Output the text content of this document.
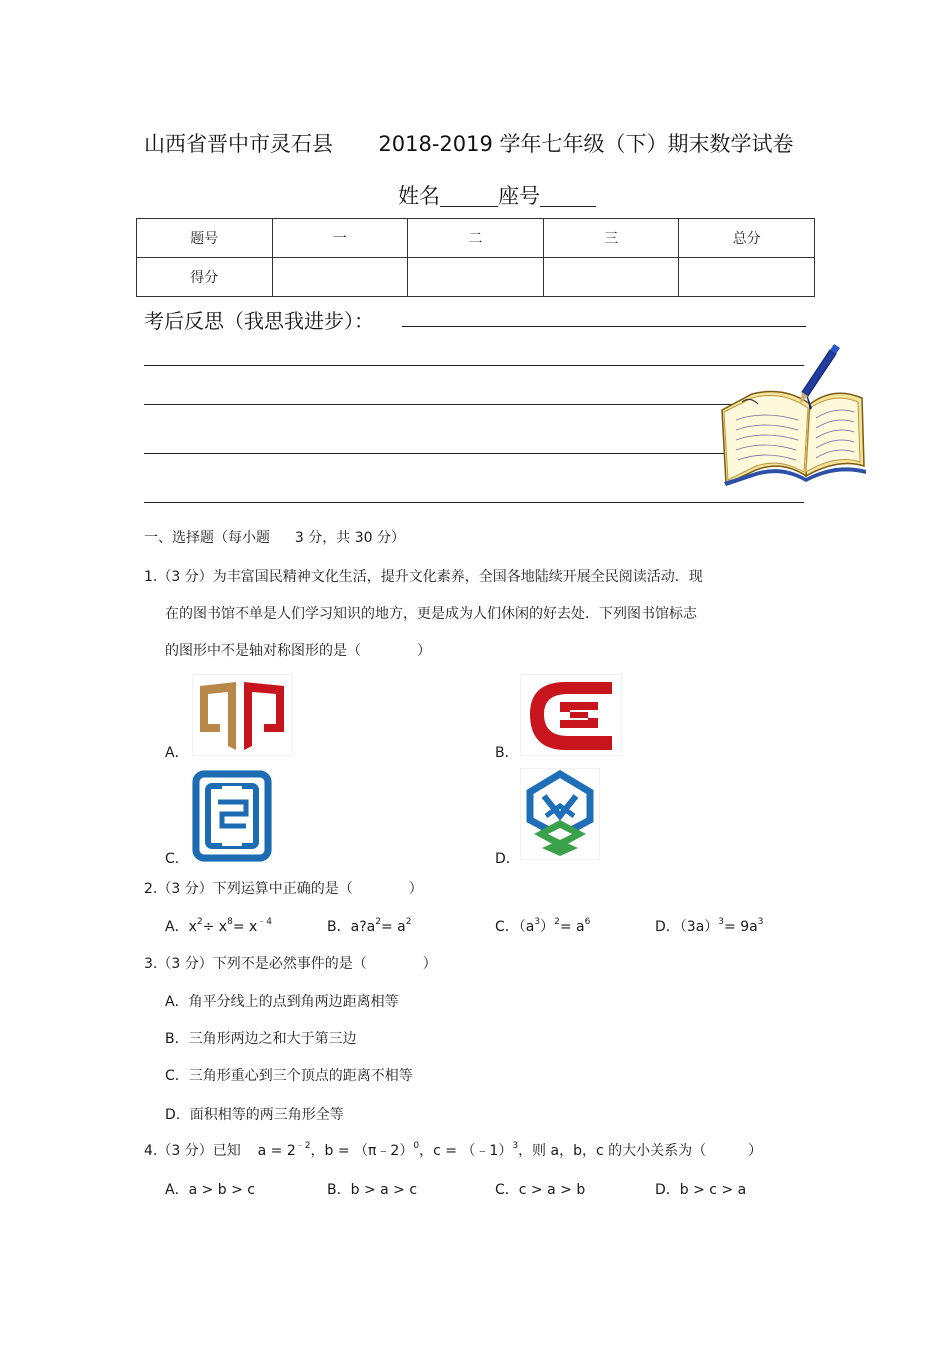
山西省晋中市灵石县 2018-2019 学年七年级（下）期末数学试卷
姓名	座号
题号	一	二	三	总分
得分				
考后反思（我思我进步）：
一、选择题（每小题 3 分，共 30 分）
1.（3 分）为丰富国民精神文化生活，提升文化素养，全国各地陆续开展全民阅读活动．现
在的图书馆不单是人们学习知识的地方，更是成为人们休闲的好去处．下列图书馆标志
的图形中不是轴对称图形的是（　　　　）
A．	B．
C．	D．
2.（3 分）下列运算中正确的是（　　　　）
A．$x^2\div x^8= x^{﹣4}$	B．$a?a^2= a^2$	C．$(a^3)^2= a^6$	D．$(3a)^3= 9a^3$
3.（3 分）下列不是必然事件的是（　　　　）
A．角平分线上的点到角两边距离相等
B．三角形两边之和大于第三边
C．三角形重心到三个顶点的距离不相等
D．面积相等的两三角形全等
4.（3 分）已知 $a = 2^{﹣2}$，b = （π﹣2）$^0$，c = （﹣1）$^3$，则 a，b，c 的大小关系为（　　　）
A．a > b > c	B．b > a > c	C．c > a > b	D．b > c > a
